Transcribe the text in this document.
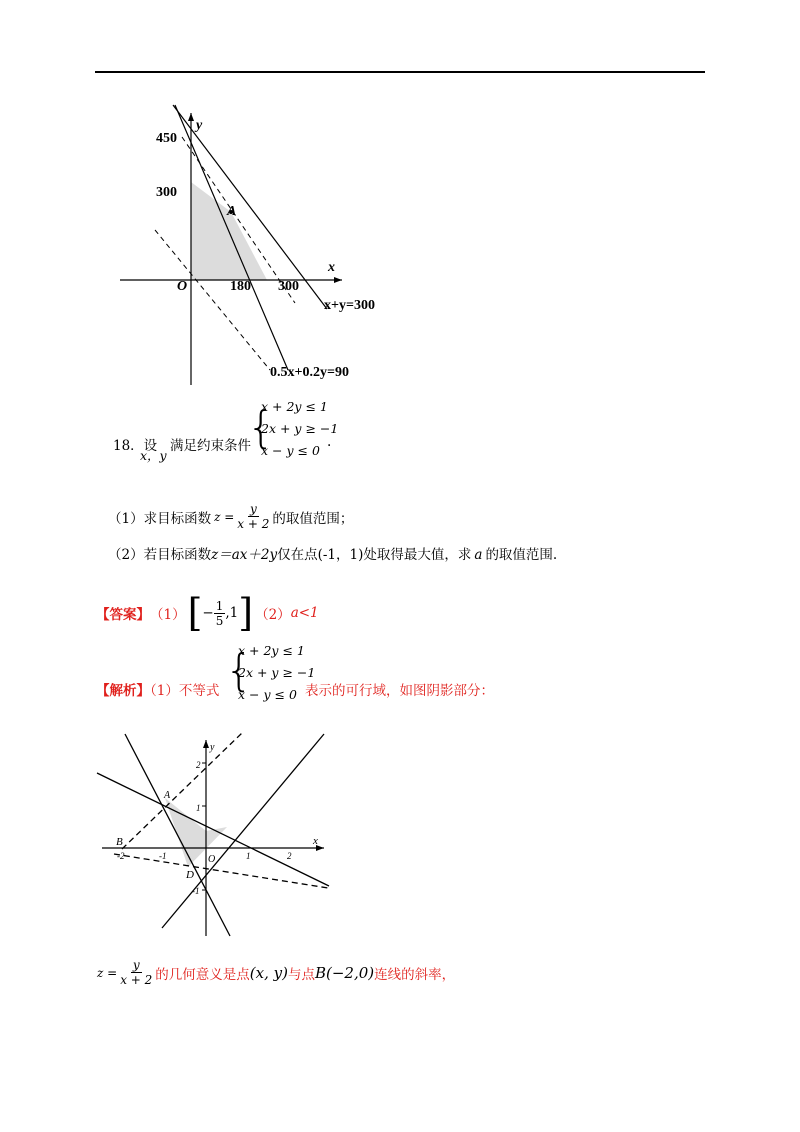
y
x
450
300
A
O	180 300
x+y=300
0.5x+0.2y=90
18．设
x，y
满足约束条件
{
x + 2y ≤ 1
2x + y ≥ −1
x − y ≤ 0
.
（1）求目标函数 $z = \frac{y}{x + 2}$ 的取值范围；
（2）若目标函数z＝ax＋2y仅在点(-1，1)处取得最大值，求 a 的取值范围.
【答案】 （1） [ − $\frac{1}{5} ,1$ ] （2） a<1
【解析】（1）不等式 {
x + 2y ≤ 1
2x + y ≥ −1
x − y ≤ 0 表示的可行域，如图阴影部分：
y
x
2
1
-1
-2	-1	1	2
A
B
D
O
$z = \frac{y}{x + 2}$ 的几何意义是点 (x, y) 与点 B(−2,0) 连线的斜率，
